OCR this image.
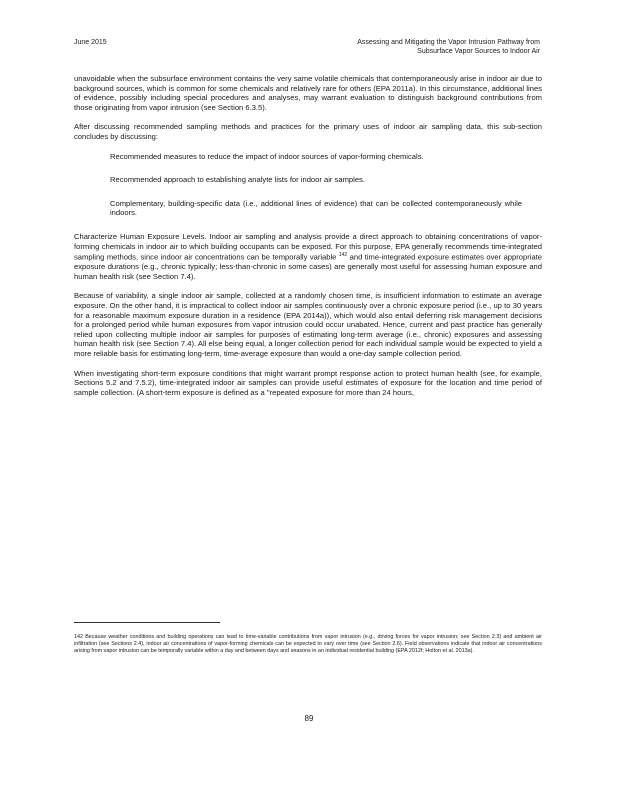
June 2015	Assessing and Mitigating the Vapor Intrusion Pathway from
Subsurface Vapor Sources to Indoor Air

unavoidable when the subsurface environment contains the very same volatile chemicals that contemporaneously arise in indoor air due to background sources, which is common for some chemicals and relatively rare for others (EPA 2011a). In this circumstance, additional lines of evidence, possibly including special procedures and analyses, may warrant evaluation to distinguish background contributions from those originating from vapor intrusion (see Section 6.3.5).

After discussing recommended sampling methods and practices for the primary uses of indoor air sampling data, this sub-section concludes by discussing:

Recommended measures to reduce the impact of indoor sources of vapor-forming chemicals.
Recommended approach to establishing analyte lists for indoor air samples.
Complementary, building-specific data (i.e., additional lines of evidence) that can be collected contemporaneously while indoors.

Characterize Human Exposure Levels. Indoor air sampling and analysis provide a direct approach to obtaining concentrations of vapor-forming chemicals in indoor air to which building occupants can be exposed. For this purpose, EPA generally recommends time-integrated sampling methods, since indoor air concentrations can be temporally variable $^{142}$ and time-integrated exposure estimates over appropriate exposure durations (e.g., chronic typically; less-than-chronic in some cases) are generally most useful for assessing human exposure and human health risk (see Section 7.4).

Because of variability, a single indoor air sample, collected at a randomly chosen time, is insufficient information to estimate an average exposure. On the other hand, it is impractical to collect indoor air samples continuously over a chronic exposure period (i.e., up to 30 years for a reasonable maximum exposure duration in a residence (EPA 2014a)), which would also entail deferring risk management decisions for a prolonged period while human exposures from vapor intrusion could occur unabated. Hence, current and past practice has generally relied upon collecting multiple indoor air samples for purposes of estimating long-term average (i.e., chronic) exposures and assessing human health risk (see Section 7.4). All else being equal, a longer collection period for each individual sample would be expected to yield a more reliable basis for estimating long-term, time-average exposure than would a one-day sample collection period.

When investigating short-term exposure conditions that might warrant prompt response action to protect human health (see, for example, Sections 5.2 and 7.5.2), time-integrated indoor air samples can provide useful estimates of exposure for the location and time period of sample collection. (A short-term exposure is defined as a "repeated exposure for more than 24 hours,

142 Because weather conditions and building operations can lead to time-variable contributions from vapor intrusion (e.g., driving forces for vapor intrusion; see Section 2.3) and ambient air infiltration (see Sections 2.4), indoor air concentrations of vapor-forming chemicals can be expected to vary over time (see Section 2.6). Field observations indicate that indoor air concentrations arising from vapor intrusion can be temporally variable within a day and between days and seasons in an individual residential building (EPA 2012f; Holton et al. 2013a).
89
